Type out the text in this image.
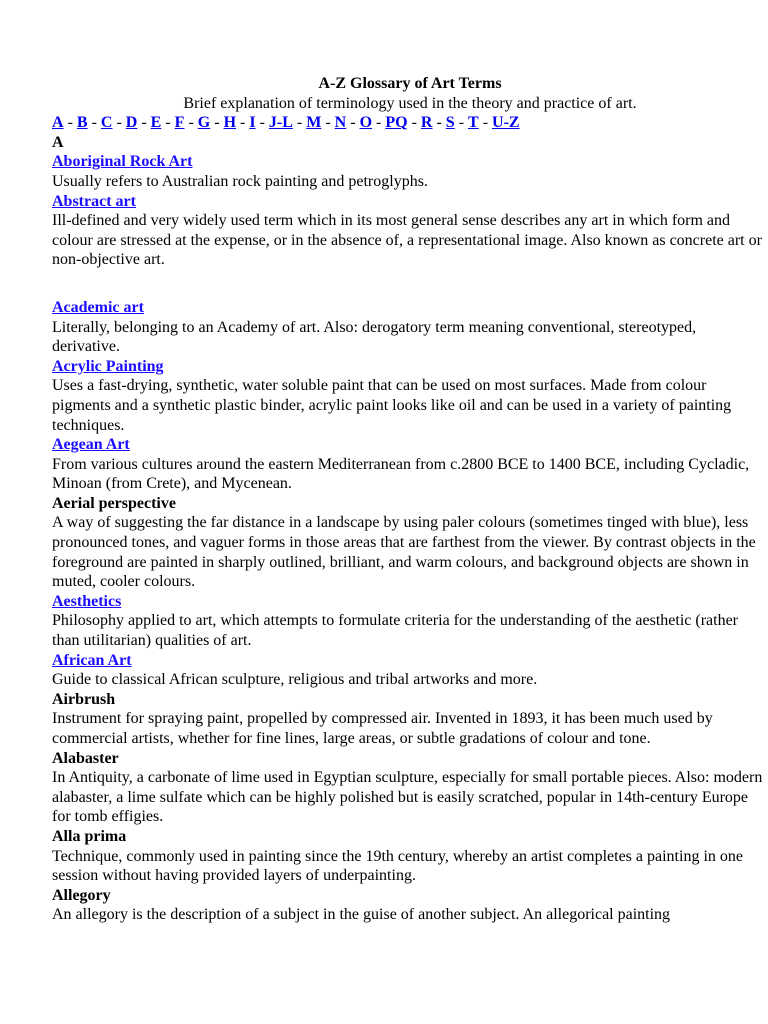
A-Z Glossary of Art Terms
Brief explanation of terminology used in the theory and practice of art.
A - B - C - D - E - F - G - H - I - J-L - M - N - O - PQ - R - S - T - U-Z
A
Aboriginal Rock Art
Usually refers to Australian rock painting and petroglyphs.
Abstract art
Ill-defined and very widely used term which in its most general sense describes any art in which form and colour are stressed at the expense, or in the absence of, a representational image. Also known as concrete art or non-objective art.
Academic art
Literally, belonging to an Academy of art. Also: derogatory term meaning conventional, stereotyped, derivative.
Acrylic Painting
Uses a fast-drying, synthetic, water soluble paint that can be used on most surfaces. Made from colour pigments and a synthetic plastic binder, acrylic paint looks like oil and can be used in a variety of painting techniques.
Aegean Art
From various cultures around the eastern Mediterranean from c.2800 BCE to 1400 BCE, including Cycladic, Minoan (from Crete), and Mycenean.
Aerial perspective
A way of suggesting the far distance in a landscape by using paler colours (sometimes tinged with blue), less pronounced tones, and vaguer forms in those areas that are farthest from the viewer. By contrast objects in the foreground are painted in sharply outlined, brilliant, and warm colours, and background objects are shown in muted, cooler colours.
Aesthetics
Philosophy applied to art, which attempts to formulate criteria for the understanding of the aesthetic (rather than utilitarian) qualities of art.
African Art
Guide to classical African sculpture, religious and tribal artworks and more.
Airbrush
Instrument for spraying paint, propelled by compressed air. Invented in 1893, it has been much used by commercial artists, whether for fine lines, large areas, or subtle gradations of colour and tone.
Alabaster
In Antiquity, a carbonate of lime used in Egyptian sculpture, especially for small portable pieces. Also: modern alabaster, a lime sulfate which can be highly polished but is easily scratched, popular in 14th-century Europe for tomb effigies.
Alla prima
Technique, commonly used in painting since the 19th century, whereby an artist completes a painting in one session without having provided layers of underpainting.
Allegory
An allegory is the description of a subject in the guise of another subject. An allegorical painting
